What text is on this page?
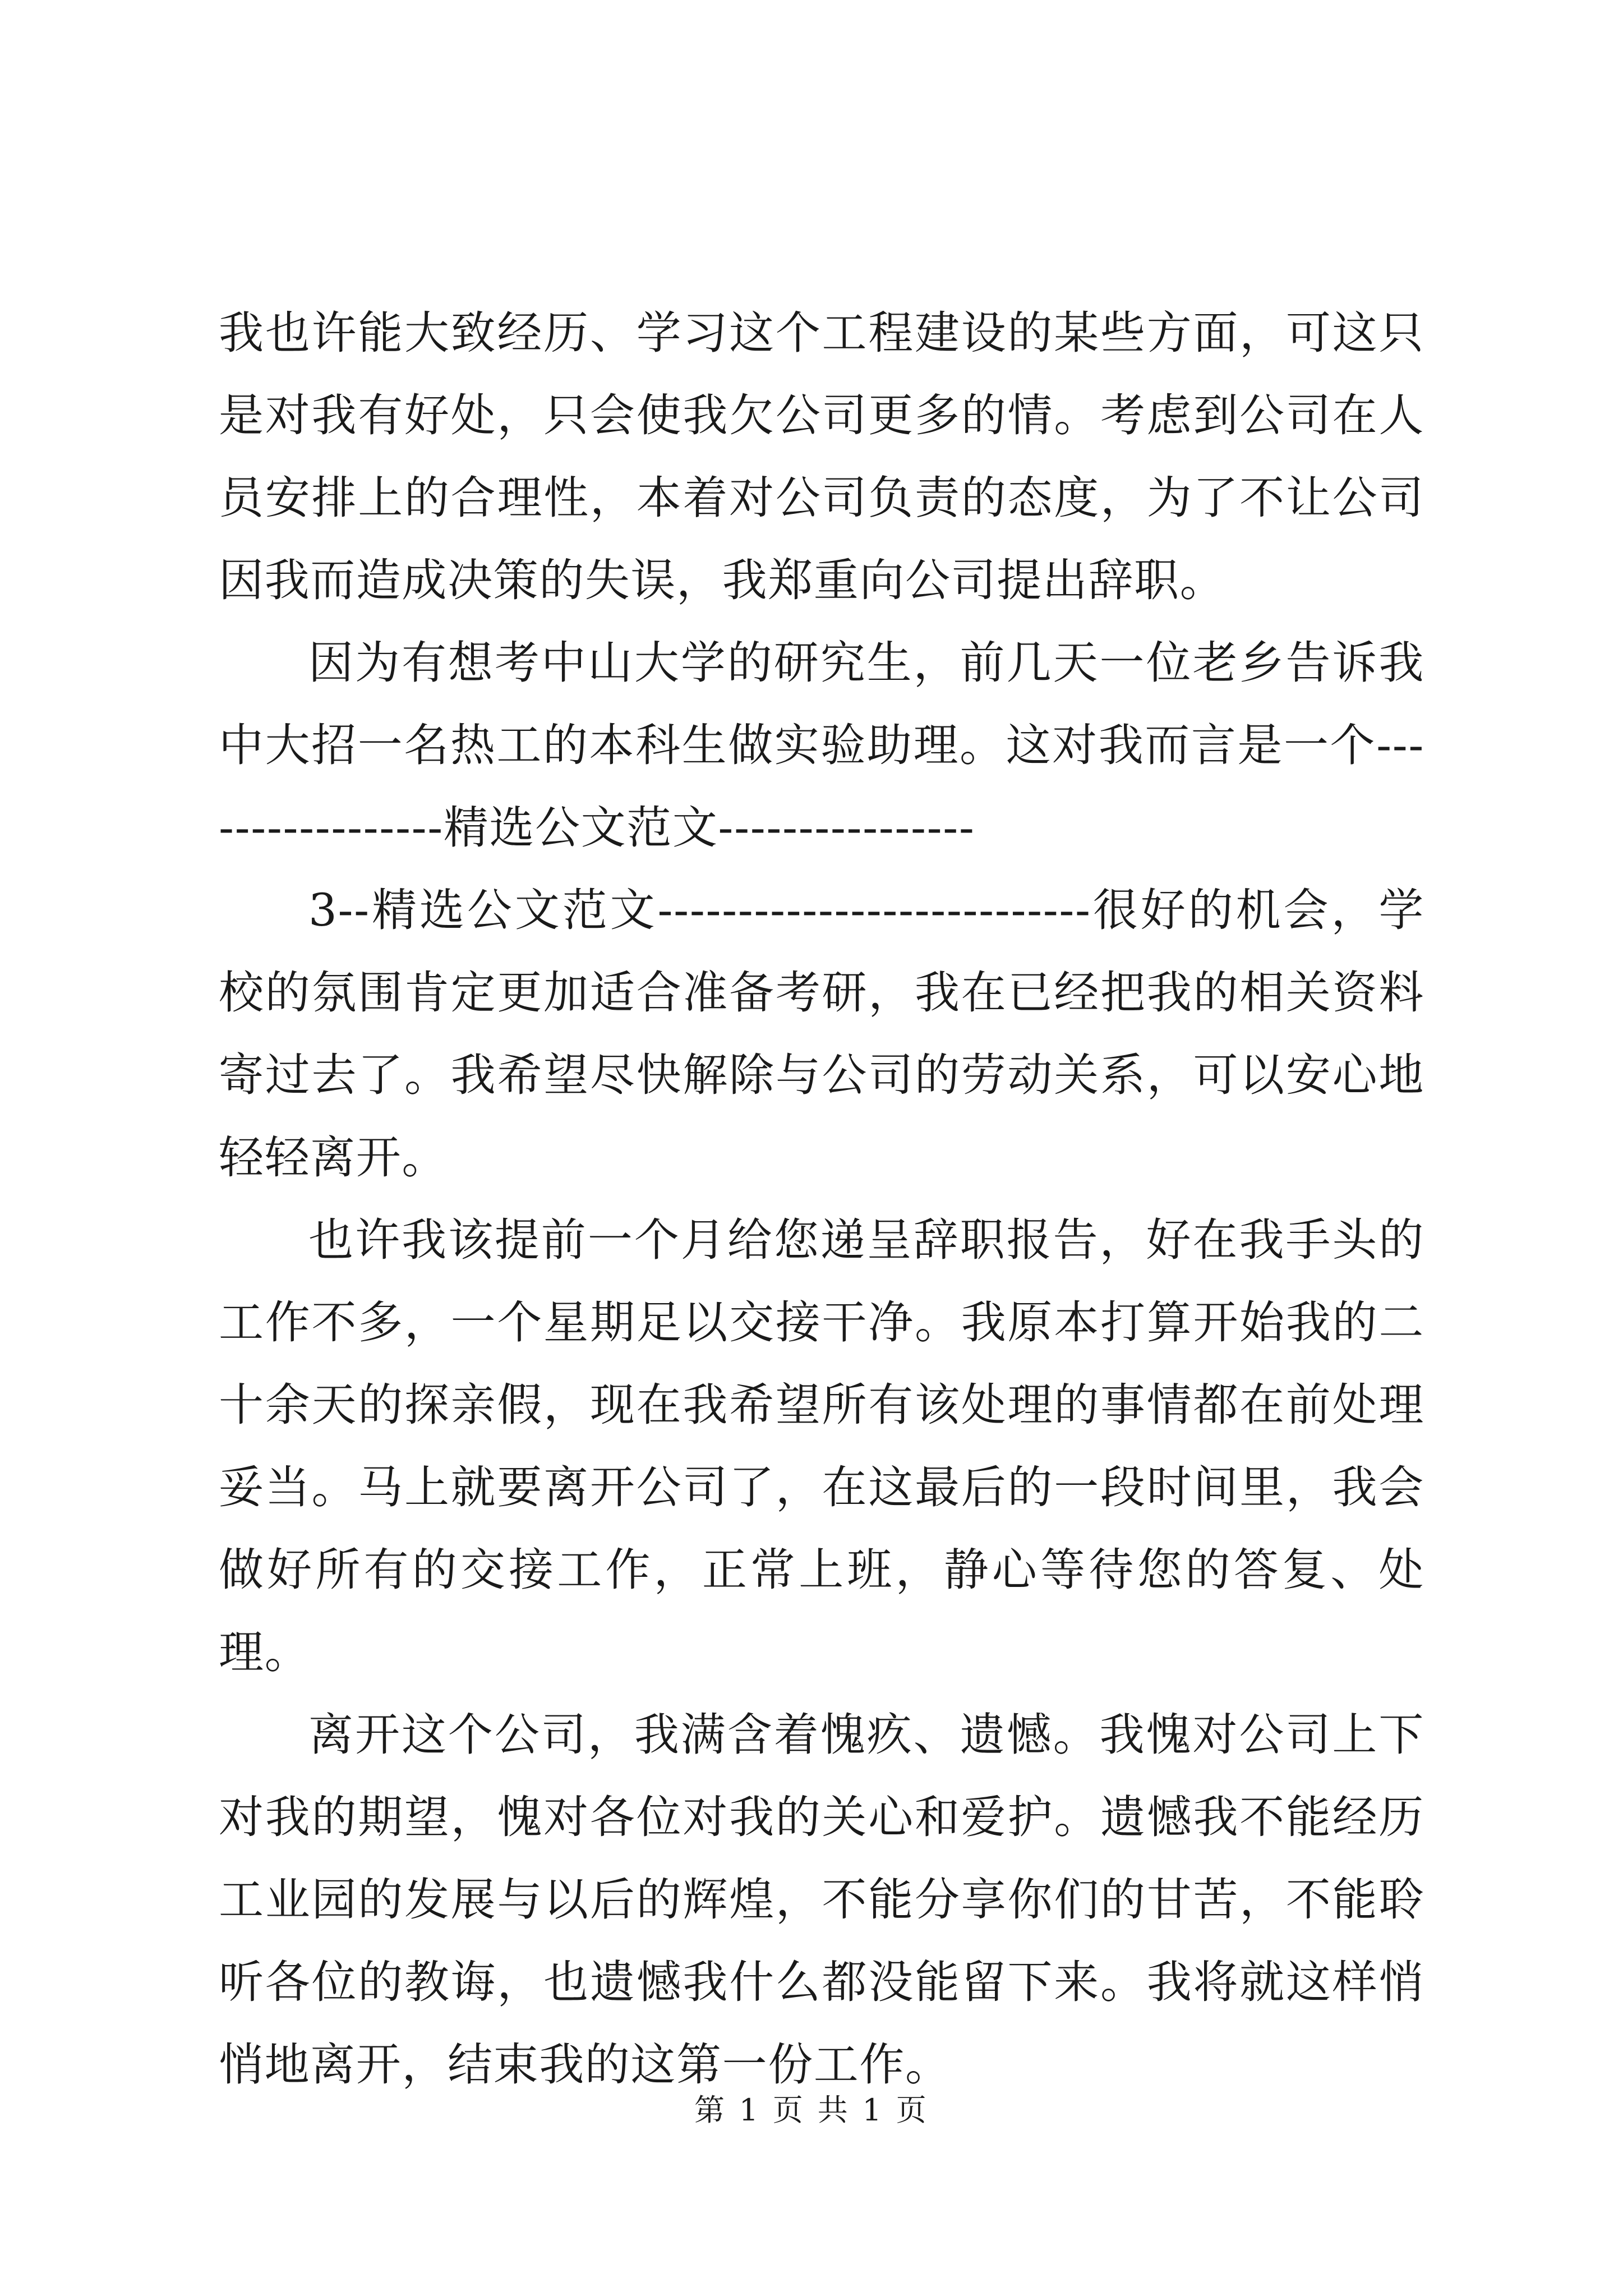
我也许能大致经历、学习这个工程建设的某些方面，可这只是对我有好处，只会使我欠公司更多的情。考虑到公司在人员安排上的合理性，本着对公司负责的态度，为了不让公司因我而造成决策的失误，我郑重向公司提出辞职。

因为有想考中山大学的研究生，前几天一位老乡告诉我中大招一名热工的本科生做实验助理。这对我而言是一个-----------------精选公文范文----------------

3--精选公文范文---------------------------很好的机会，学校的氛围肯定更加适合准备考研，我在已经把我的相关资料寄过去了。我希望尽快解除与公司的劳动关系，可以安心地轻轻离开。

也许我该提前一个月给您递呈辞职报告，好在我手头的工作不多，一个星期足以交接干净。我原本打算开始我的二十余天的探亲假，现在我希望所有该处理的事情都在前处理妥当。马上就要离开公司了，在这最后的一段时间里，我会做好所有的交接工作，正常上班，静心等待您的答复、处理。

离开这个公司，我满含着愧疚、遗憾。我愧对公司上下对我的期望，愧对各位对我的关心和爱护。遗憾我不能经历工业园的发展与以后的辉煌，不能分享你们的甘苦，不能聆听各位的教诲，也遗憾我什么都没能留下来。我将就这样悄悄地离开，结束我的这第一份工作。

第 1 页 共 1 页
